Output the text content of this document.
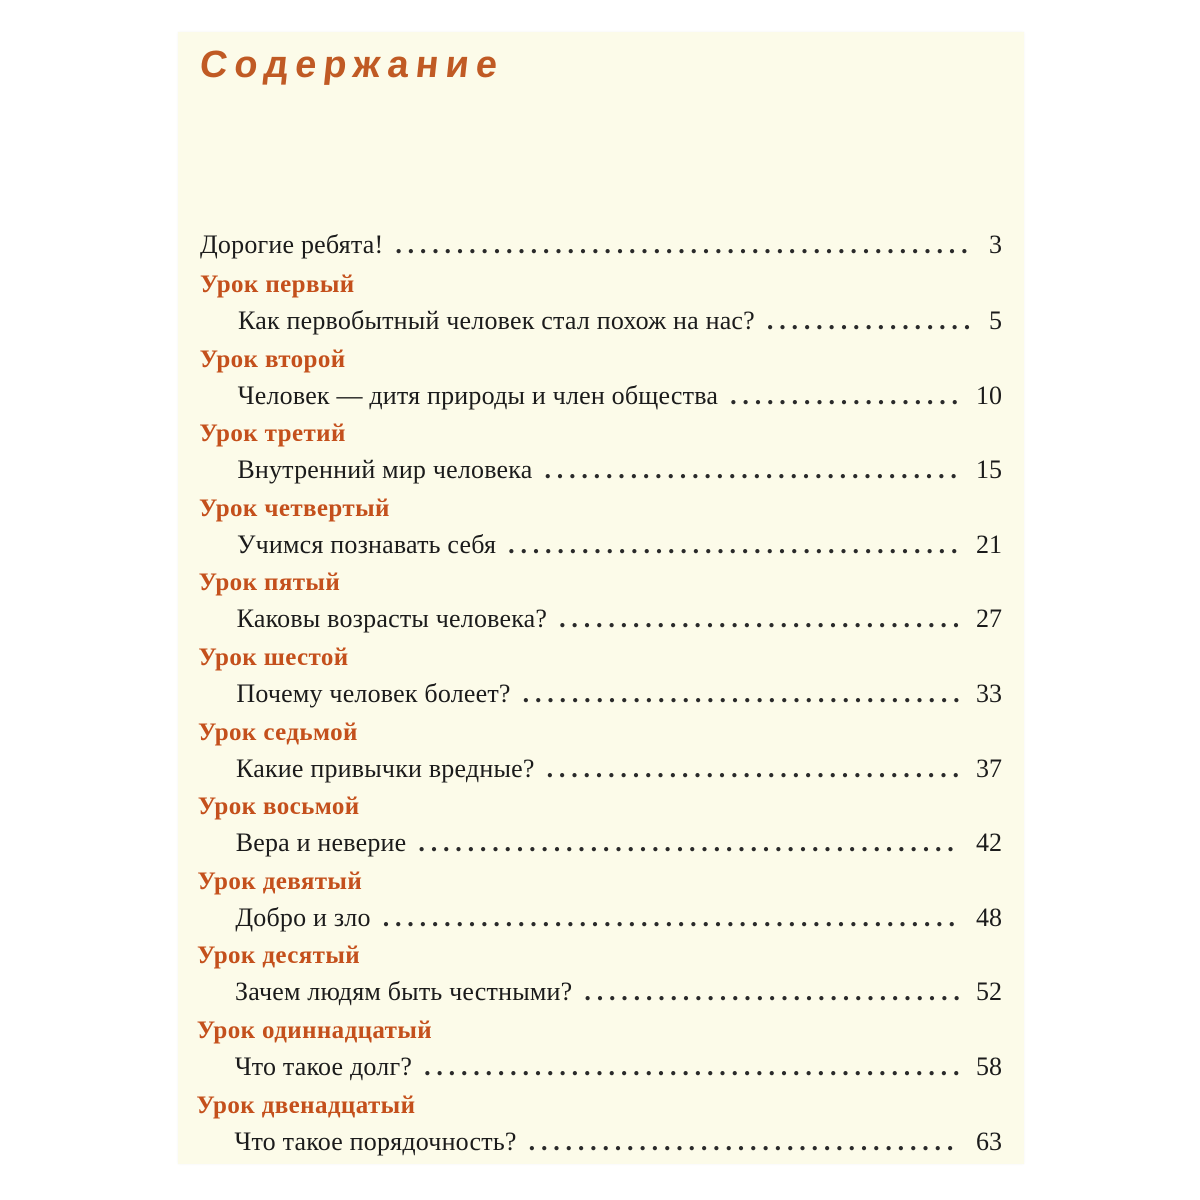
Содержание
Дорогие ребята! .....	3
Урок первый
Как первобытный человек стал похож на нас? .....	5
Урок второй
Человек — дитя природы и член общества .....	10
Урок третий
Внутренний мир человека .....	15
Урок четвертый
Учимся познавать себя .....	21
Урок пятый
Каковы возрасты человека? .....	27
Урок шестой
Почему человек болеет? .....	33
Урок седьмой
Какие привычки вредные? .....	37
Урок восьмой
Вера и неверие .....	42
Урок девятый
Добро и зло .....	48
Урок десятый
Зачем людям быть честными? .....	52
Урок одиннадцатый
Что такое долг? .....	58
Урок двенадцатый
Что такое порядочность? .....	63
